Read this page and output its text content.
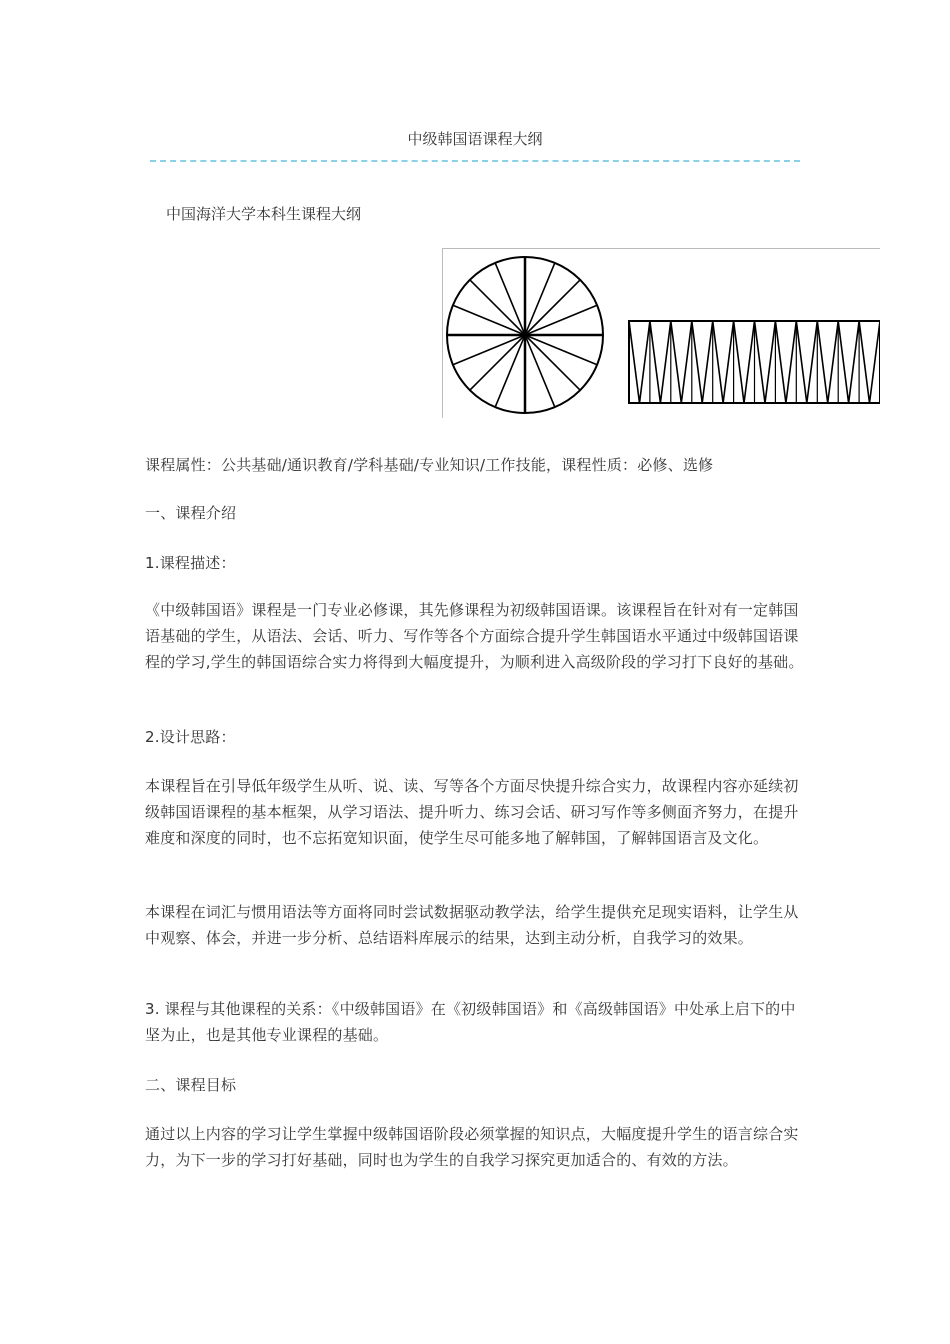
中级韩国语课程大纲
中国海洋大学本科生课程大纲
课程属性：公共基础/通识教育/学科基础/专业知识/工作技能，课程性质：必修、选修
一、课程介绍
1.课程描述：
《中级韩国语》课程是一门专业必修课，其先修课程为初级韩国语课。该课程旨在针对有一定韩国语基础的学生，从语法、会话、听力、写作等各个方面综合提升学生韩国语水平通过中级韩国语课程的学习,学生的韩国语综合实力将得到大幅度提升，为顺利进入高级阶段的学习打下良好的基础。
2.设计思路：
本课程旨在引导低年级学生从听、说、读、写等各个方面尽快提升综合实力，故课程内容亦延续初级韩国语课程的基本框架，从学习语法、提升听力、练习会话、研习写作等多侧面齐努力，在提升难度和深度的同时，也不忘拓宽知识面，使学生尽可能多地了解韩国，了解韩国语言及文化。
本课程在词汇与惯用语法等方面将同时尝试数据驱动教学法，给学生提供充足现实语料，让学生从中观察、体会，并进一步分析、总结语料库展示的结果，达到主动分析，自我学习的效果。
3. 课程与其他课程的关系：《中级韩国语》在《初级韩国语》和《高级韩国语》中处承上启下的中坚为止，也是其他专业课程的基础。
二、课程目标
通过以上内容的学习让学生掌握中级韩国语阶段必须掌握的知识点，大幅度提升学生的语言综合实力，为下一步的学习打好基础，同时也为学生的自我学习探究更加适合的、有效的方法。
